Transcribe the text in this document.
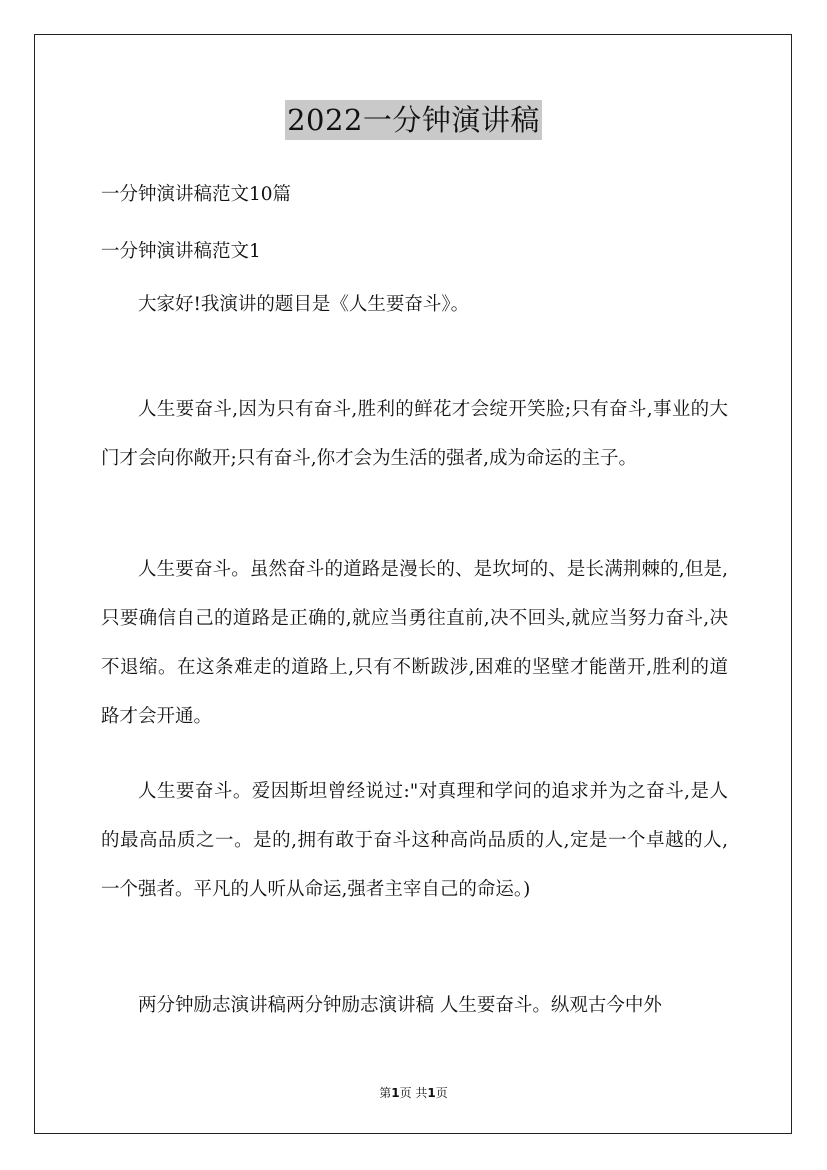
2022一分钟演讲稿
一分钟演讲稿范文10篇
一分钟演讲稿范文1
大家好!我演讲的题目是《人生要奋斗》。
人生要奋斗,因为只有奋斗,胜利的鲜花才会绽开笑脸;只有奋斗,事业的大门才会向你敞开;只有奋斗,你才会为生活的强者,成为命运的主子。
人生要奋斗。虽然奋斗的道路是漫长的、是坎坷的、是长满荆棘的,但是,只要确信自己的道路是正确的,就应当勇往直前,决不回头,就应当努力奋斗,决不退缩。在这条难走的道路上,只有不断跋涉,困难的坚壁才能凿开,胜利的道路才会开通。
人生要奋斗。爱因斯坦曾经说过:"对真理和学问的追求并为之奋斗,是人的最高品质之一。是的,拥有敢于奋斗这种高尚品质的人,定是一个卓越的人,一个强者。平凡的人听从命运,强者主宰自己的命运。)
两分钟励志演讲稿两分钟励志演讲稿 人生要奋斗。纵观古今中外
第1页 共1页
